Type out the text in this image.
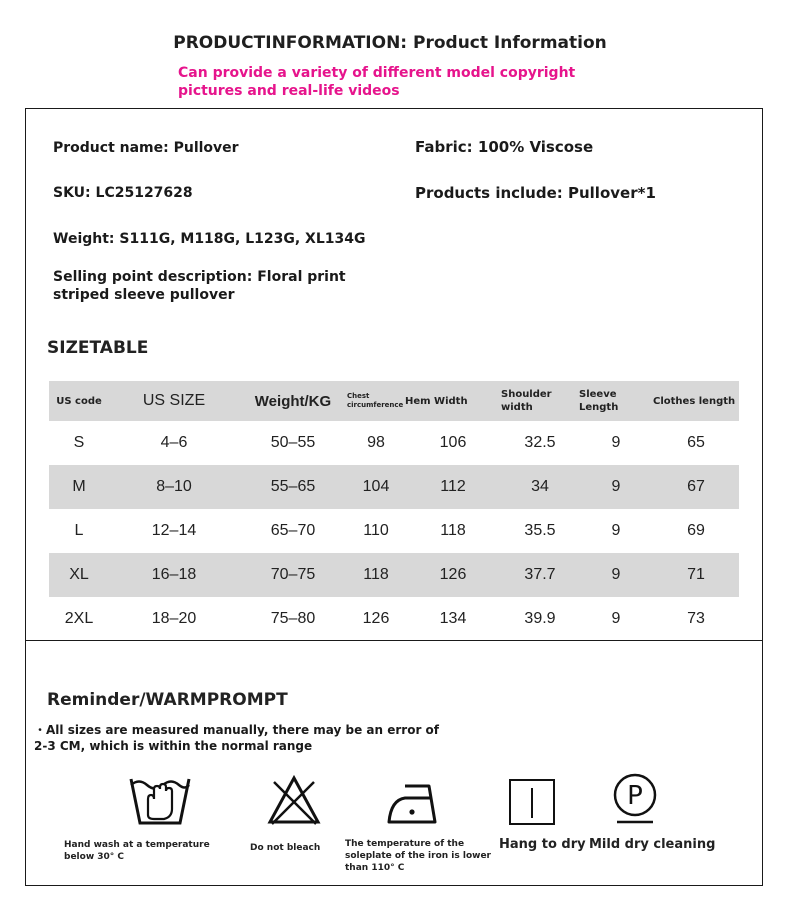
PRODUCTINFORMATION: Product Information
Can provide a variety of different model copyright pictures and real-life videos
Product name: Pullover	Fabric: 100% Viscose
SKU: LC25127628	Products include: Pullover*1
Weight: S111G, M118G, L123G, XL134G
Selling point description: Floral print striped sleeve pullover
SIZETABLE
US code	US SIZE	Weight/KG	Chest circumference	Hem Width	Shoulder width	Sleeve Length	Clothes length
S	4–6	50–55	98	106	32.5	9	65
M	8–10	55–65	104	112	34	9	67
L	12–14	65–70	110	118	35.5	9	69
XL	16–18	70–75	118	126	37.7	9	71
2XL	18–20	75–80	126	134	39.9	9	73
Reminder/WARMPROMPT
・All sizes are measured manually, there may be an error of 2-3 CM, which is within the normal range
Hand wash at a temperature below 30° C
Do not bleach	The temperature of the soleplate of the iron is lower than 110° C
Hang to dry
P
Mild dry cleaning
